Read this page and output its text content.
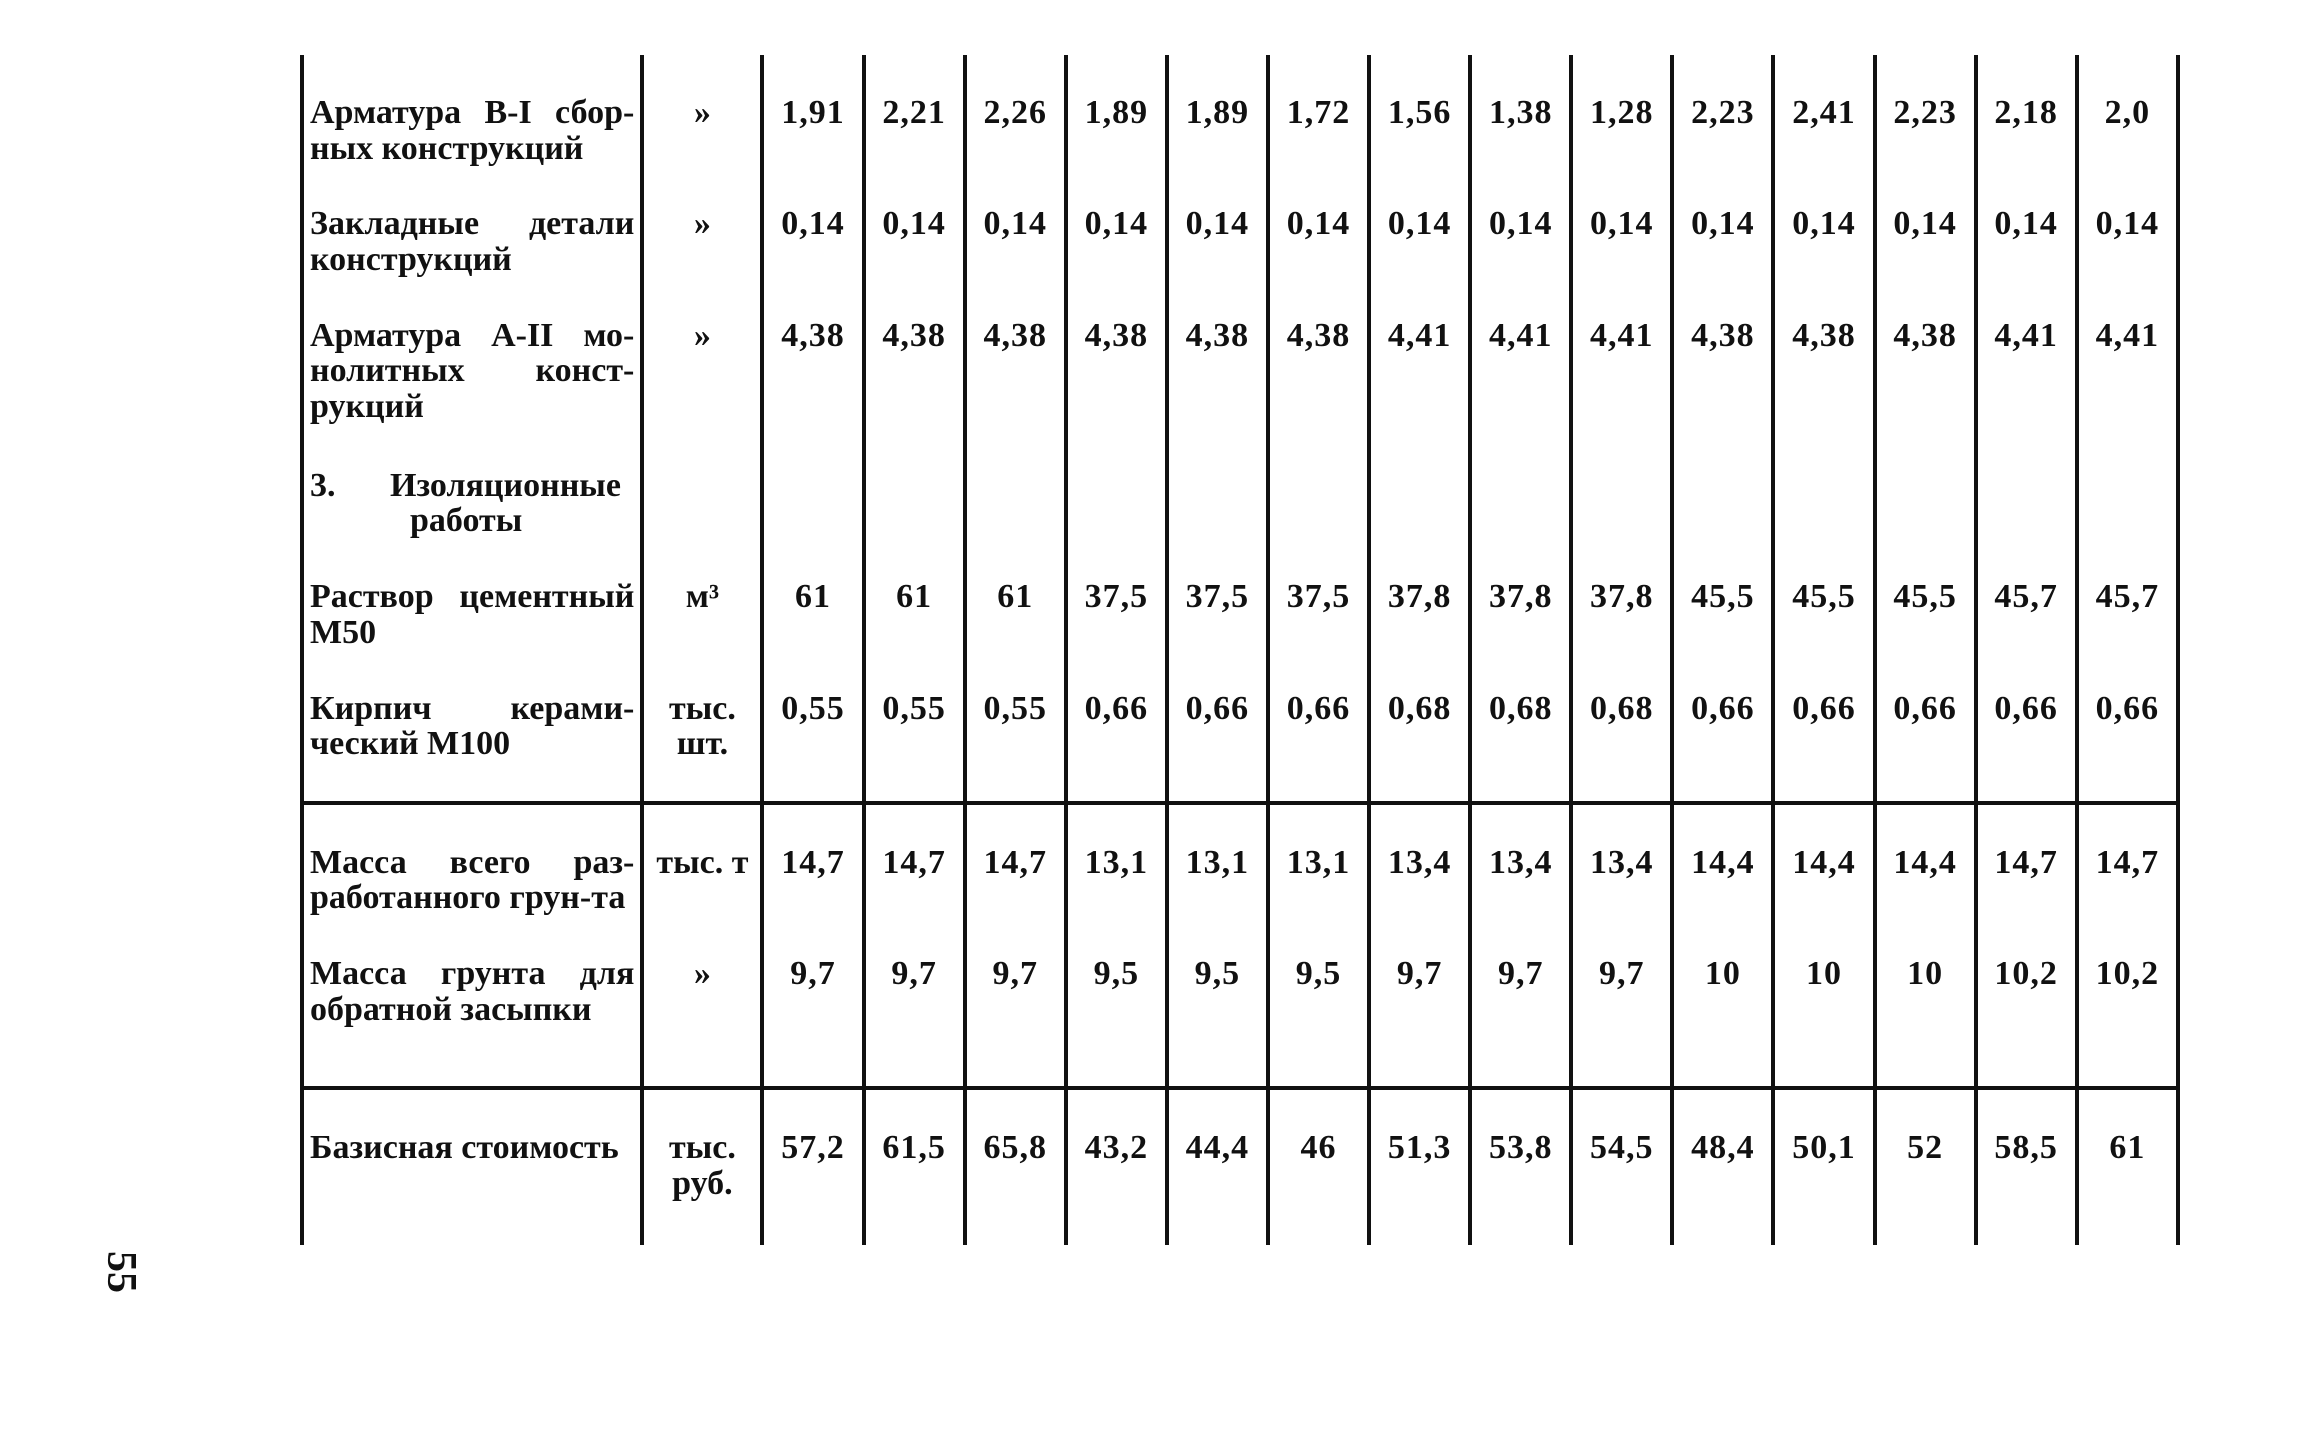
55
Арматура B-I сбор-ных конструкций	»	1,91	2,21	2,26	1,89	1,89	1,72	1,56	1,38	1,28	2,23	2,41	2,23	2,18	2,0

Закладные детали конструкций	»	0,14	0,14	0,14	0,14	0,14	0,14	0,14	0,14	0,14	0,14	0,14	0,14	0,14	0,14

Арматура А-II мо-нолитных конст-рукций	»	4,38	4,38	4,38	4,38	4,38	4,38	4,41	4,41	4,41	4,38	4,38	4,38	4,41	4,41

3. Изоляционные
работы															

Раствор цементный М50	м³	61	61	61	37,5	37,5	37,5	37,8	37,8	37,8	45,5	45,5	45,5	45,7	45,7

Кирпич керами-ческий М100	тыс. шт.	0,55	0,55	0,55	0,66	0,66	0,66	0,68	0,68	0,68	0,66	0,66	0,66	0,66	0,66

Масса всего раз-работанного грун-та	тыс. т	14,7	14,7	14,7	13,1	13,1	13,1	13,4	13,4	13,4	14,4	14,4	14,4	14,7	14,7

Масса грунта для обратной засыпки	»	9,7	9,7	9,7	9,5	9,5	9,5	9,7	9,7	9,7	10	10	10	10,2	10,2

Базисная стоимость	тыс. руб.	57,2	61,5	65,8	43,2	44,4	46	51,3	53,8	54,5	48,4	50,1	52	58,5	61
